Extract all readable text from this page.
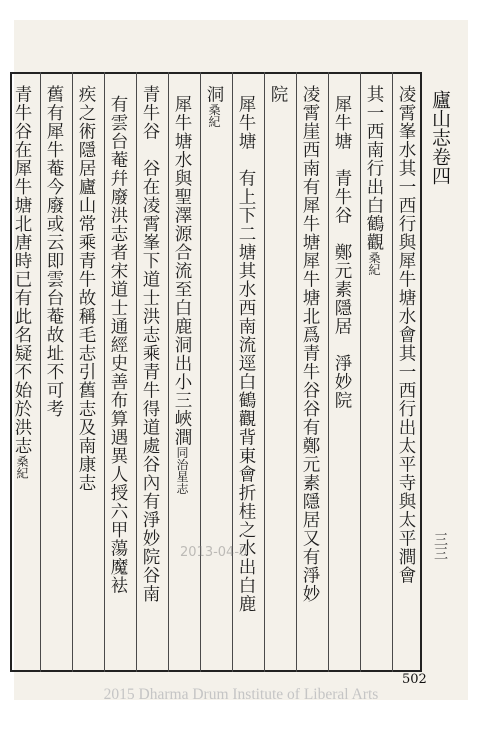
廬山志卷四
三三
凌霄峯水其一西行與犀牛塘水會其一西行出太平寺與太平澗會
其一西南行出白鶴觀桑紀
犀牛塘　青牛谷　鄭元素隱居　淨妙院
凌霄崖西南有犀牛塘犀牛塘北爲青牛谷谷有鄭元素隱居又有淨妙
院
犀牛塘　有上下二塘其水西南流逕白鶴觀背東會折桂之水出白鹿
洞桑紀
犀牛塘水與聖澤源合流至白鹿洞出小三峽澗同治星志
青牛谷　谷在凌霄峯下道士洪志乘青牛得道處谷內有淨妙院谷南
有雲台菴幷廢洪志者宋道士通經史善布算遇異人授六甲蕩魔袪
疾之術隱居廬山常乘青牛故稱毛志引舊志及南康志
舊有犀牛菴今廢或云即雲台菴故址不可考
青牛谷在犀牛塘北唐時已有此名疑不始於洪志桑紀
2013-04-0
502
2015 Dharma Drum Institute of Liberal Arts
